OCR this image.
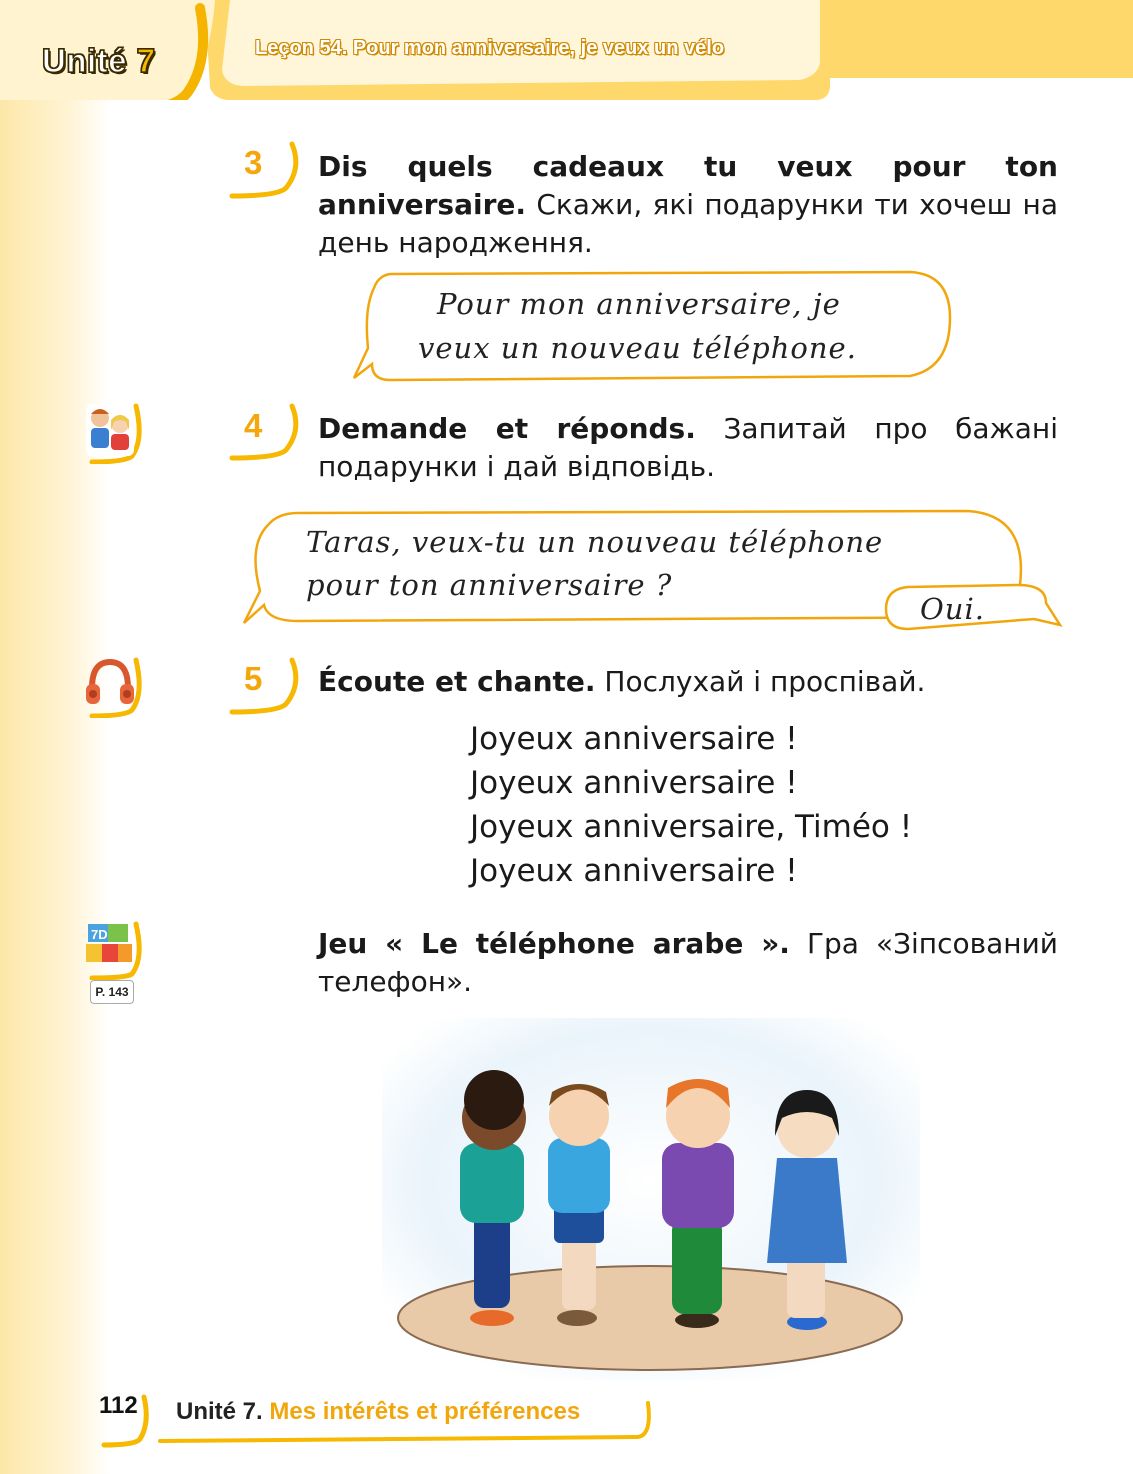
Unité 7	Leçon 54. Pour mon anniversaire, je veux un vélo
3 Dis quels cadeaux tu veux pour ton anniversaire. Скажи, які подарунки ти хочеш на день народження.
Pour mon anniversaire, je
veux un nouveau téléphone.
4 Demande et réponds. Запитай про бажані подарунки і дай відповідь.
Taras, veux-tu un nouveau téléphone
pour ton anniversaire ?
Oui.
5 Écoute et chante. Послухай і проспівай.
Joyeux anniversaire !
Joyeux anniversaire !
Joyeux anniversaire, Timéo !
Joyeux anniversaire !
7D
P. 143
Jeu « Le téléphone arabe ». Гра «Зіпсований телефон».
112 Unité 7. Mes intérêts et préférences
